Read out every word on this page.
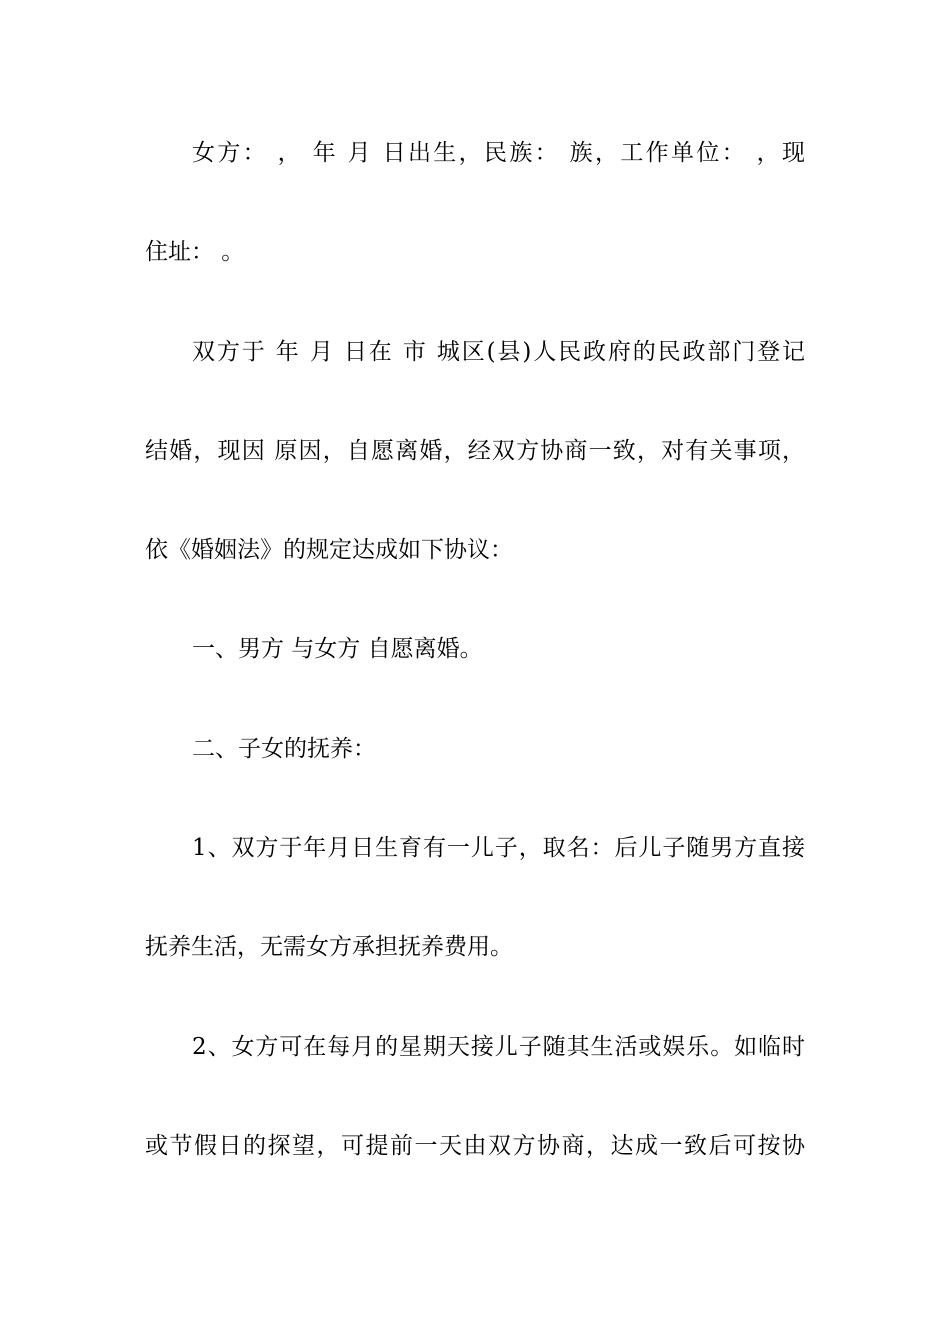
女方： ， 年 月 日出生，民族： 族，工作单位： ，现
住址： 。
双方于 年 月 日在 市 城区(县)人民政府的民政部门登记
结婚，现因 原因，自愿离婚，经双方协商一致，对有关事项，
依《婚姻法》的规定达成如下协议：
一、男方 与女方 自愿离婚。
二、子女的抚养：
1、双方于年月日生育有一儿子，取名：后儿子随男方直接
抚养生活，无需女方承担抚养费用。
2、女方可在每月的星期天接儿子随其生活或娱乐。如临时
或节假日的探望，可提前一天由双方协商，达成一致后可按协
